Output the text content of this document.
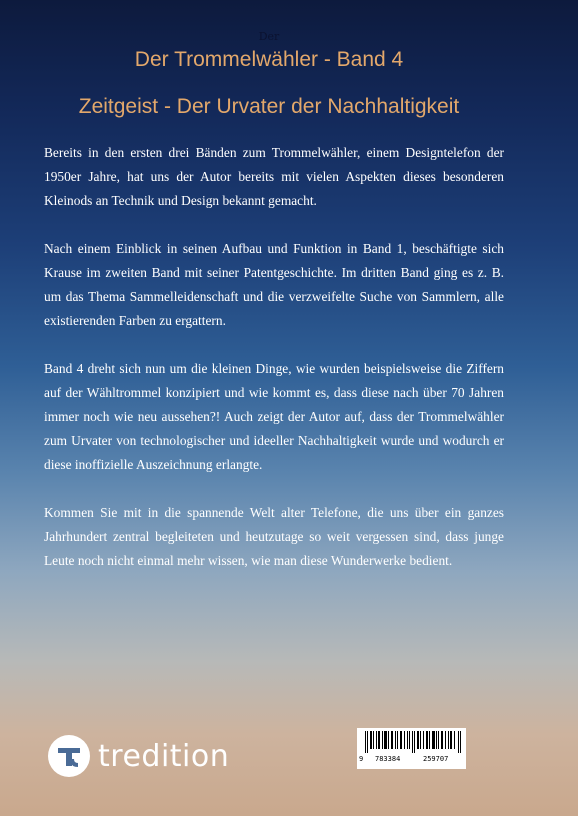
Der
Der Trommelwähler - Band 4
Zeitgeist - Der Urvater der Nachhaltigkeit

Bereits in den ersten drei Bänden zum Trommelwähler, einem Designtelefon der 1950er Jahre, hat uns der Autor bereits mit vielen Aspekten dieses besonderen Kleinods an Technik und Design bekannt gemacht.

Nach einem Einblick in seinen Aufbau und Funktion in Band 1, beschäftigte sich Krause im zweiten Band mit seiner Patentgeschichte. Im dritten Band ging es z. B. um das Thema Sammelleidenschaft und die verzweifelte Suche von Sammlern, alle existierenden Farben zu ergattern.

Band 4 dreht sich nun um die kleinen Dinge, wie wurden beispielsweise die Ziffern auf der Wähltrommel konzipiert und wie kommt es, dass diese nach über 70 Jahren immer noch wie neu aussehen?! Auch zeigt der Autor auf, dass der Trommelwähler zum Urvater von technologischer und ideeller Nachhaltigkeit wurde und wodurch er diese inoffizielle Auszeichnung erlangte.

Kommen Sie mit in die spannende Welt alter Telefone, die uns über ein ganzes Jahrhundert zentral begleiteten und heutzutage so weit vergessen sind, dass junge Leute noch nicht einmal mehr wissen, wie man diese Wunderwerke bedient.

tredition	9 783384	259707
